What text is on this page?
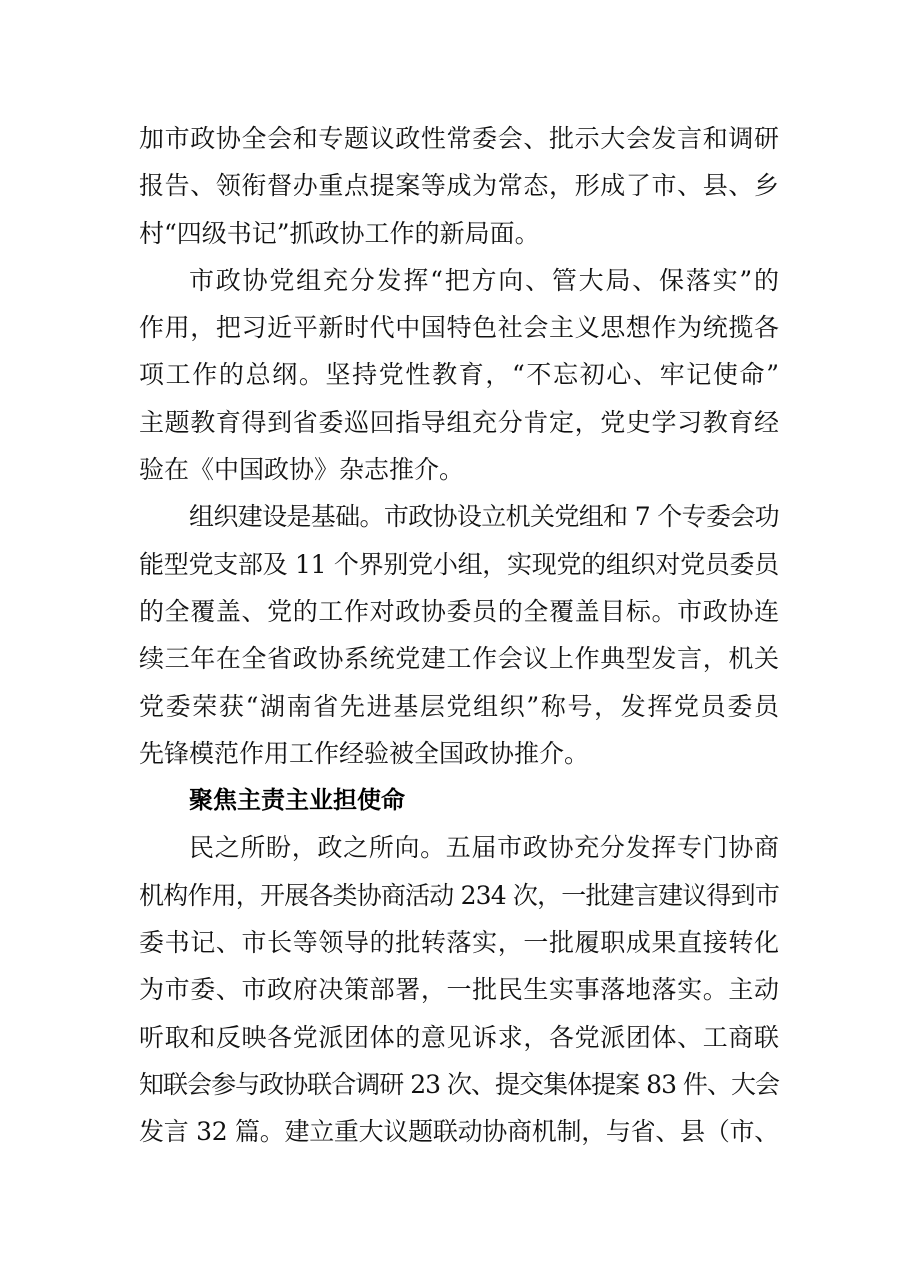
加市政协全会和专题议政性常委会、批示大会发言和调研
报告、领衔督办重点提案等成为常态，形成了市、县、乡
村“四级书记”抓政协工作的新局面。

市政协党组充分发挥“把方向、管大局、保落实”的
作用，把习近平新时代中国特色社会主义思想作为统揽各
项工作的总纲。坚持党性教育，“不忘初心、牢记使命”
主题教育得到省委巡回指导组充分肯定，党史学习教育经
验在《中国政协》杂志推介。

组织建设是基础。市政协设立机关党组和 7 个专委会功
能型党支部及 11 个界别党小组，实现党的组织对党员委员
的全覆盖、党的工作对政协委员的全覆盖目标。市政协连
续三年在全省政协系统党建工作会议上作典型发言，机关
党委荣获“湖南省先进基层党组织”称号，发挥党员委员
先锋模范作用工作经验被全国政协推介。

聚焦主责主业担使命

民之所盼，政之所向。五届市政协充分发挥专门协商
机构作用，开展各类协商活动 234 次，一批建言建议得到市
委书记、市长等领导的批转落实，一批履职成果直接转化
为市委、市政府决策部署，一批民生实事落地落实。主动
听取和反映各党派团体的意见诉求，各党派团体、工商联
知联会参与政协联合调研 23 次、提交集体提案 83 件、大会
发言 32 篇。建立重大议题联动协商机制，与省、县（市、
